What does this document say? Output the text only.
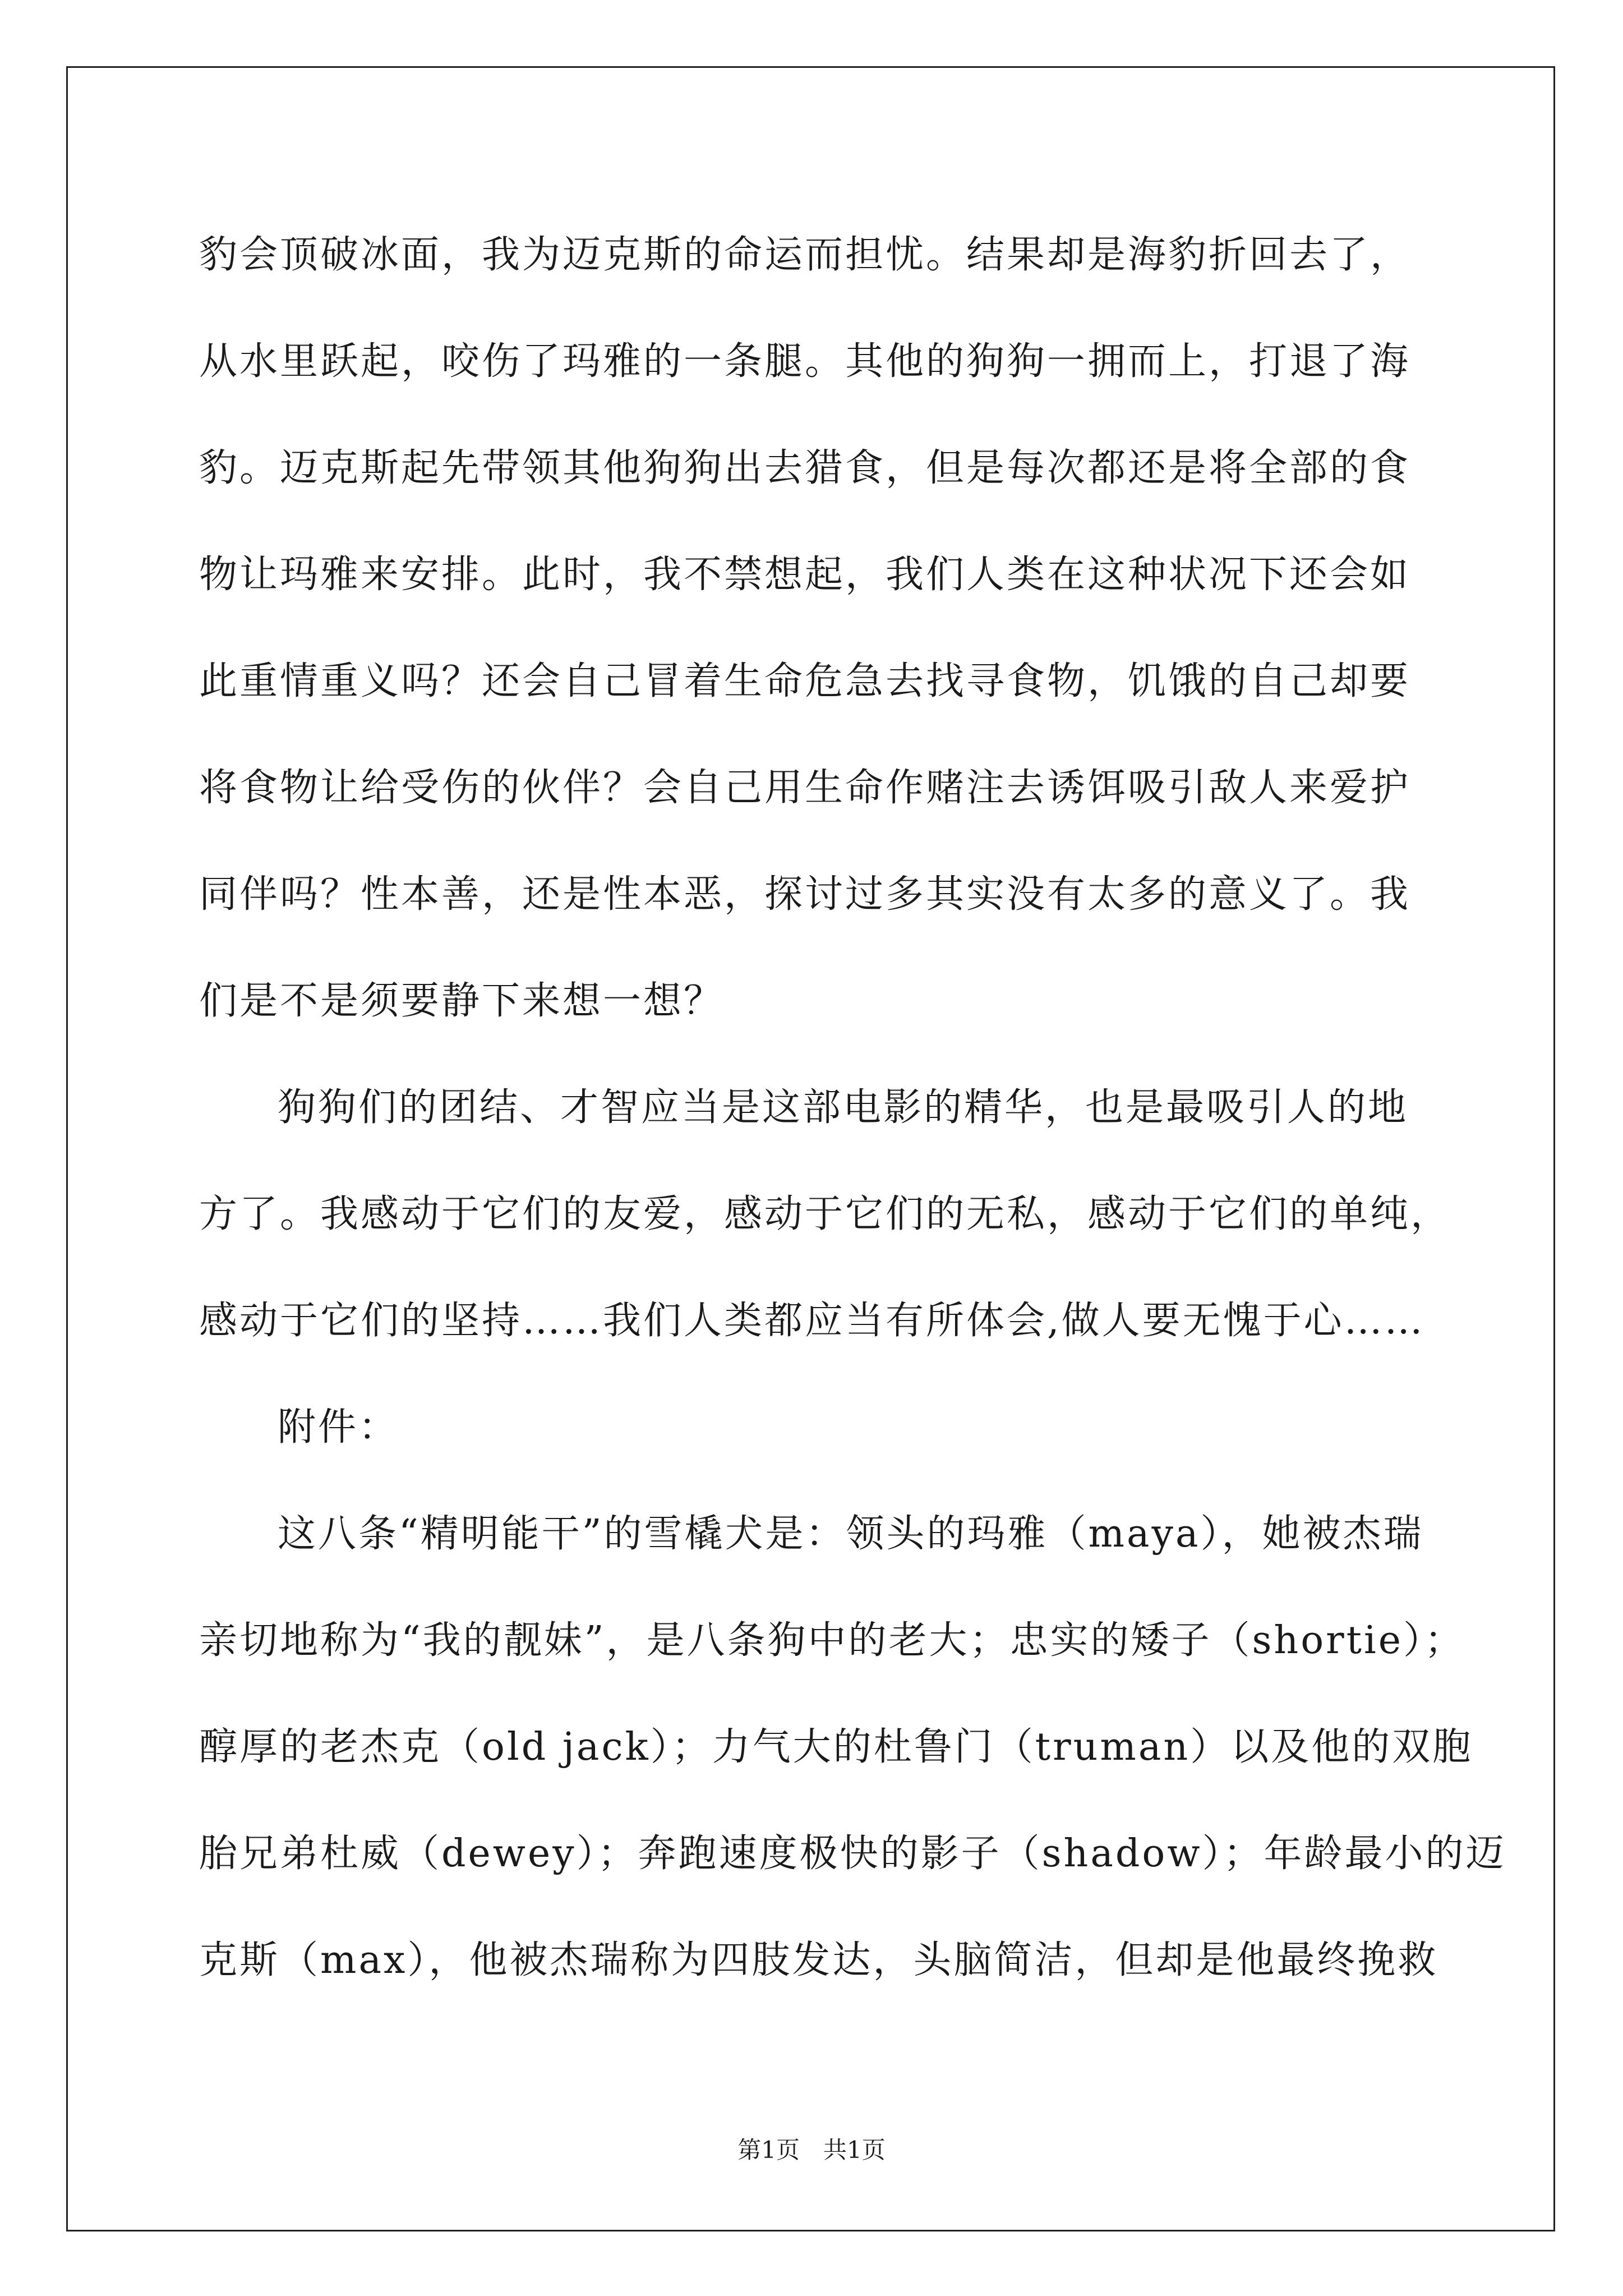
豹会顶破冰面，我为迈克斯的命运而担忧。结果却是海豹折回去了，
从水里跃起，咬伤了玛雅的一条腿。其他的狗狗一拥而上，打退了海
豹。迈克斯起先带领其他狗狗出去猎食，但是每次都还是将全部的食
物让玛雅来安排。此时，我不禁想起，我们人类在这种状况下还会如
此重情重义吗？还会自己冒着生命危急去找寻食物，饥饿的自己却要
将食物让给受伤的伙伴？会自己用生命作赌注去诱饵吸引敌人来爱护
同伴吗？性本善，还是性本恶，探讨过多其实没有太多的意义了。我
们是不是须要静下来想一想？
狗狗们的团结、才智应当是这部电影的精华，也是最吸引人的地
方了。我感动于它们的友爱，感动于它们的无私，感动于它们的单纯，
感动于它们的坚持……我们人类都应当有所体会,做人要无愧于心……
附件：
这八条“精明能干”的雪橇犬是：领头的玛雅（maya），她被杰瑞
亲切地称为“我的靓妹”，是八条狗中的老大；忠实的矮子（shortie）；
醇厚的老杰克（old jack）；力气大的杜鲁门（truman）以及他的双胞
胎兄弟杜威（dewey）；奔跑速度极快的影子（shadow）；年龄最小的迈
克斯（max），他被杰瑞称为四肢发达，头脑简洁，但却是他最终挽救
第1页　共1页
